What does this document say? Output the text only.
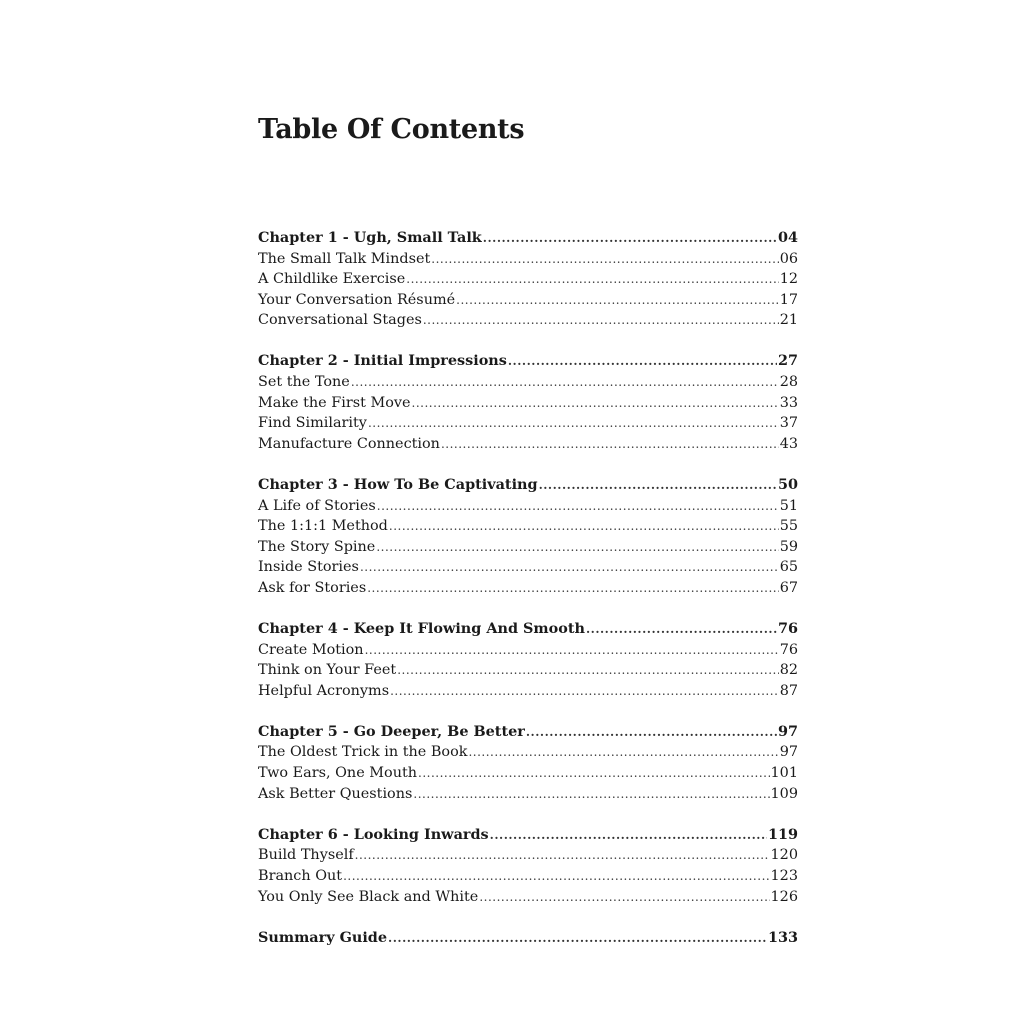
Table Of Contents
Chapter 1 - Ugh, Small Talk .....	04
The Small Talk Mindset .....	06
A Childlike Exercise .....	12
Your Conversation Résumé .....	17
Conversational Stages .....	21
Chapter 2 - Initial Impressions .....	27
Set the Tone .....	28
Make the First Move .....	33
Find Similarity .....	37
Manufacture Connection .....	43
Chapter 3 - How To Be Captivating .....	50
A Life of Stories .....	51
The 1:1:1 Method .....	55
The Story Spine .....	59
Inside Stories .....	65
Ask for Stories .....	67
Chapter 4 - Keep It Flowing And Smooth .....	76
Create Motion .....	76
Think on Your Feet .....	82
Helpful Acronyms .....	87
Chapter 5 - Go Deeper, Be Better .....	97
The Oldest Trick in the Book .....	97
Two Ears, One Mouth .....	101
Ask Better Questions .....	109
Chapter 6 - Looking Inwards .....	119
Build Thyself .....	120
Branch Out .....	123
You Only See Black and White .....	126
Summary Guide .....	133
